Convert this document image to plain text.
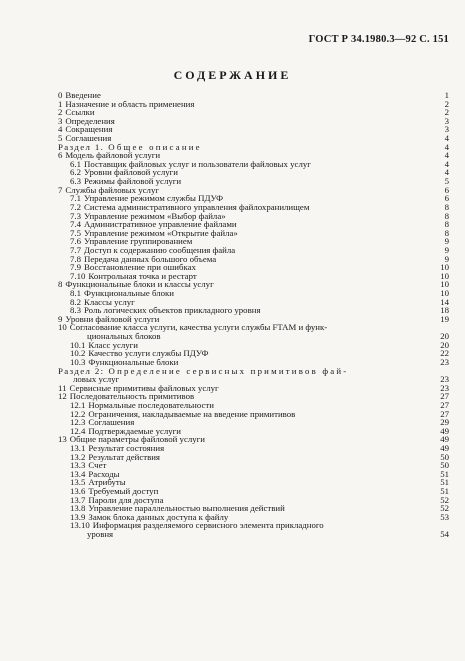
ГОСТ Р 34.1980.3—92 С. 151
СОДЕРЖАНИЕ
0 Введение	1
1 Назначение и область применения	2
2 Ссылки	2
3 Определения	3
4 Сокращения	3
5 Соглашения	4
Раздел 1. Общее описание	4
6 Модель файловой услуги	4
6.1 Поставщик файловых услуг и пользователи файловых услуг	4
6.2 Уровни файловой услуги	4
6.3 Режимы файловой услуги	5
7 Службы файловых услуг	6
7.1 Управление режимом службы ПДУФ	6
7.2 Система административного управления файлохранилищем	8
7.3 Управление режимом «Выбор файла»	8
7.4 Административное управление файлами	8
7.5 Управление режимом «Открытие файла»	8
7.6 Управление группированием	9
7.7 Доступ к содержанию сообщения файла	9
7.8 Передача данных большого объема	9
7.9 Восстановление при ошибках	10
7.10 Контрольная точка и рестарт	10
8 Функциональные блоки и классы услуг	10
8.1 Функциональные блоки	10
8.2 Классы услуг	14
8.3 Роль логических объектов прикладного уровня	18
9 Уровни файловой услуги	19
10 Согласование класса услуги, качества услуги службы FTAM и функ-
циональных блоков	20
10.1 Класс услуги	20
10.2 Качество услуги службы ПДУФ	22
10.3 Функциональные блоки	23
Раздел 2: Определение сервисных примитивов фай-
ловых услуг	23
11 Сервисные примитивы файловых услуг	23
12 Последовательность примитивов	27
12.1 Нормальные последовательности	27
12.2 Ограничения, накладываемые на введение примитивов	27
12.3 Соглашения	29
12.4 Подтверждаемые услуги	49
13 Общие параметры файловой услуги	49
13.1 Результат состояния	49
13.2 Результат действия	50
13.3 Счет	50
13.4 Расходы	51
13.5 Атрибуты	51
13.6 Требуемый доступ	51
13.7 Пароли для доступа	52
13.8 Управление параллельностью выполнения действий	52
13.9 Замок блока данных доступа к файлу	53
13.10 Информация разделяемого сервисного элемента прикладного
уровня	54
